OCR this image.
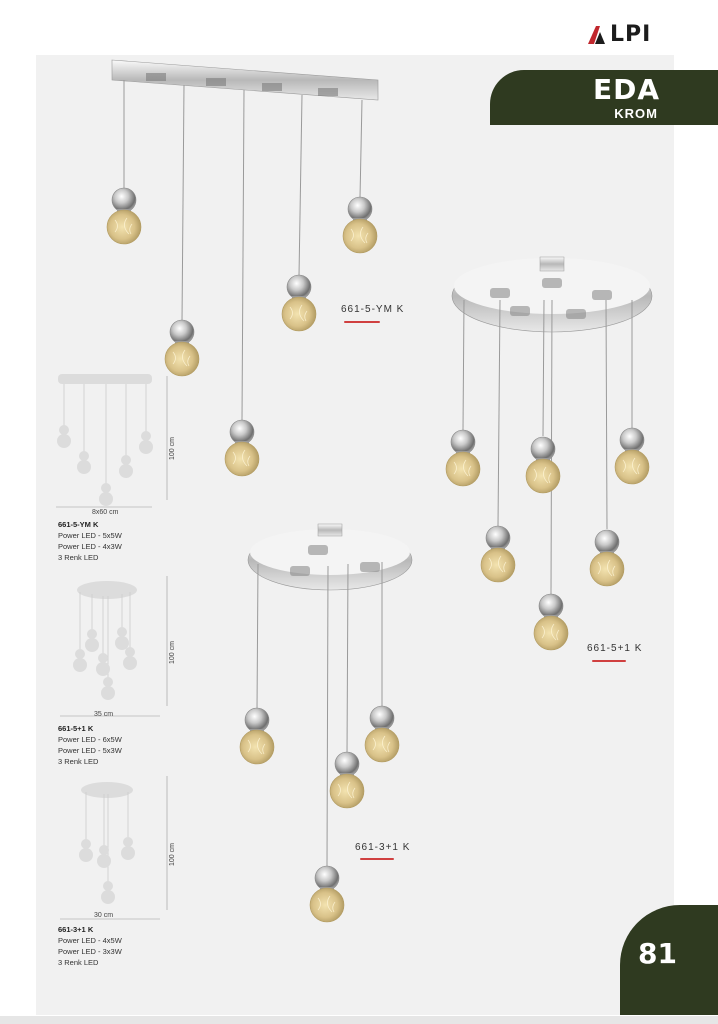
LPI
EDA
KROM
81
661-5-YM K
661-5+1 K
661-3+1 K
8x60 cm
100 cm
35 cm
100 cm
30 cm
100 cm
661-5-YM K
Power LED - 5x5W
Power LED - 4x3W
3 Renk LED
661-5+1 K
Power LED - 6x5W
Power LED - 5x3W
3 Renk LED
661-3+1 K
Power LED - 4x5W
Power LED - 3x3W
3 Renk LED
